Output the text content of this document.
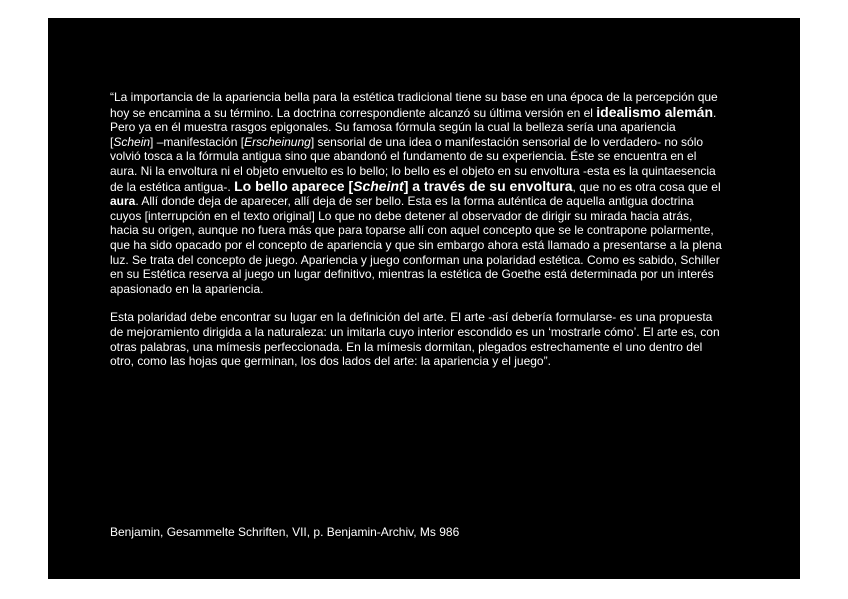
“La importancia de la apariencia bella para la estética tradicional tiene su base en una época de la percepción que hoy se encamina a su término. La doctrina correspondiente alcanzó su última versión en el idealismo alemán. Pero ya en él muestra rasgos epigonales. Su famosa fórmula según la cual la belleza sería una apariencia [Schein] –manifestación [Erscheinung] sensorial de una idea o manifestación sensorial de lo verdadero- no sólo volvió tosca a la fórmula antigua sino que abandonó el fundamento de su experiencia. Éste se encuentra en el aura. Ni la envoltura ni el objeto envuelto es lo bello; lo bello es el objeto en su envoltura -esta es la quintaesencia de la estética antigua-. Lo bello aparece [Scheint] a través de su envoltura, que no es otra cosa que el aura. Allí donde deja de aparecer, allí deja de ser bello. Esta es la forma auténtica de aquella antigua doctrina cuyos [interrupción en el texto original] Lo que no debe detener al observador de dirigir su mirada hacia atrás, hacia su origen, aunque no fuera más que para toparse allí con aquel concepto que se le contrapone polarmente, que ha sido opacado por el concepto de apariencia y que sin embargo ahora está llamado a presentarse a la plena luz. Se trata del concepto de juego. Apariencia y juego conforman una polaridad estética. Como es sabido, Schiller en su Estética reserva al juego un lugar definitivo, mientras la estética de Goethe está determinada por un interés apasionado en la apariencia.

Esta polaridad debe encontrar su lugar en la definición del arte. El arte -así debería formularse- es una propuesta de mejoramiento dirigida a la naturaleza: un imitarla cuyo interior escondido es un ‘mostrarle cómo’. El arte es, con otras palabras, una mímesis perfeccionada. En la mímesis dormitan, plegados estrechamente el uno dentro del otro, como las hojas que germinan, los dos lados del arte: la apariencia y el juego”.

Benjamin, Gesammelte Schriften, VII, p. Benjamin-Archiv, Ms 986
